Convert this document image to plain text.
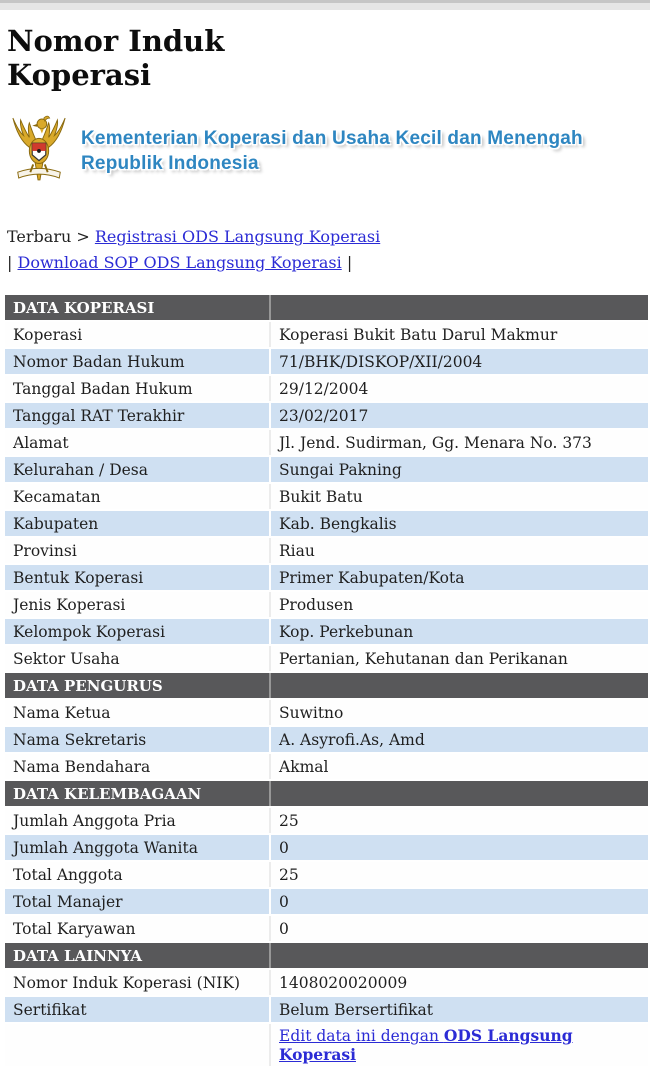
Nomor Induk Koperasi
Kementerian Koperasi dan Usaha Kecil dan Menengah
Republik Indonesia
Terbaru > Registrasi ODS Langsung Koperasi
| Download SOP ODS Langsung Koperasi |
DATA KOPERASI	
Koperasi	Koperasi Bukit Batu Darul Makmur
Nomor Badan Hukum	71/BHK/DISKOP/XII/2004
Tanggal Badan Hukum	29/12/2004
Tanggal RAT Terakhir	23/02/2017
Alamat	Jl. Jend. Sudirman, Gg. Menara No. 373
Kelurahan / Desa	Sungai Pakning
Kecamatan	Bukit Batu
Kabupaten	Kab. Bengkalis
Provinsi	Riau
Bentuk Koperasi	Primer Kabupaten/Kota
Jenis Koperasi	Produsen
Kelompok Koperasi	Kop. Perkebunan
Sektor Usaha	Pertanian, Kehutanan dan Perikanan
DATA PENGURUS	
Nama Ketua	Suwitno
Nama Sekretaris	A. Asyrofi.As, Amd
Nama Bendahara	Akmal
DATA KELEMBAGAAN	
Jumlah Anggota Pria	25
Jumlah Anggota Wanita	0
Total Anggota	25
Total Manajer	0
Total Karyawan	0
DATA LAINNYA	
Nomor Induk Koperasi (NIK)	1408020020009
Sertifikat	Belum Bersertifikat
	Edit data ini dengan ODS Langsung Koperasi
